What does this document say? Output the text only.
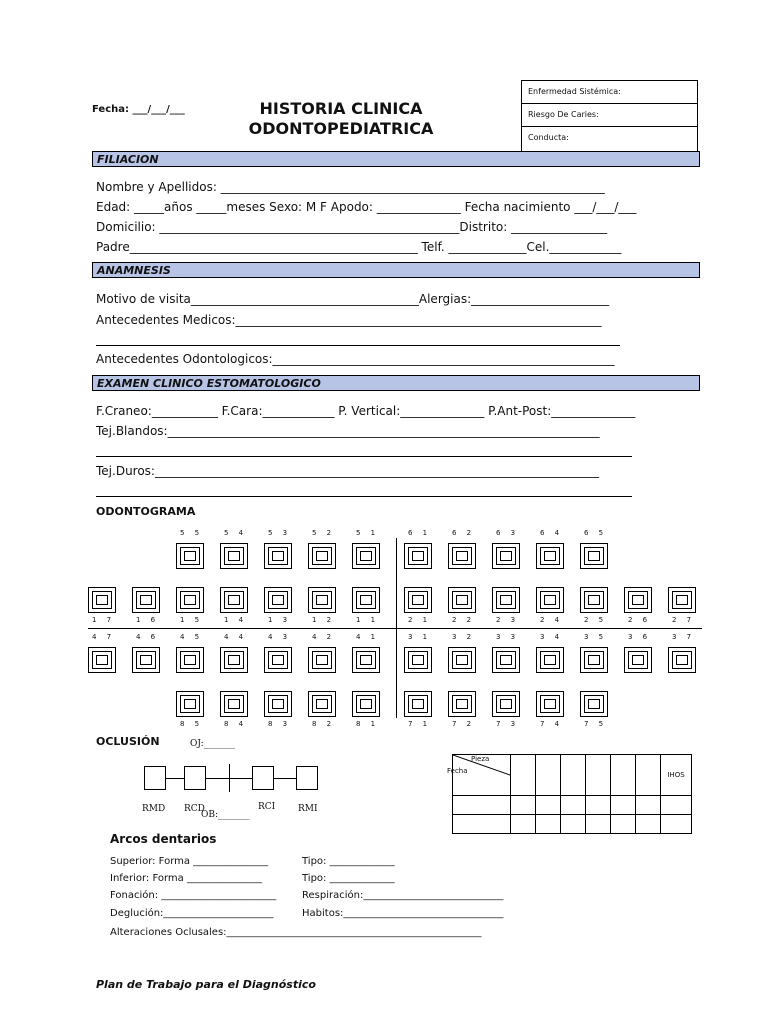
Fecha: ___/___/___	HISTORIA CLINICA
ODONTOPEDIATRICA
Enfermedad Sistémica:
Riesgo De Caries:
Conducta:
FILIACION
Nombre y Apellidos: ________________________________________________________________
Edad: _____años _____meses Sexo: M F Apodo: ______________ Fecha nacimiento ___/___/___
Domicilio: __________________________________________________Distrito: ________________
Padre________________________________________________ Telf. _____________Cel.____________
ANAMNESIS
Motivo de visita______________________________________Alergias:_______________________
Antecedentes Medicos:_____________________________________________________________
Antecedentes Odontologicos:_________________________________________________________
EXAMEN CLINICO ESTOMATOLOGICO
F.Craneo:___________ F.Cara:____________ P. Vertical:______________ P.Ant-Post:______________
Tej.Blandos:________________________________________________________________________
Tej.Duros:__________________________________________________________________________
ODONTOGRAMA
5 5	5 4	5 3	5 2	5 1	6 1	6 2	6 3	6 4	6 5
1 7	1 6	1 5	1 4	1 3	1 2	1 1	2 1	2 2	2 3	2 4	2 5	2 6	2 7
4 7	4 6	4 5	4 4	4 3	4 2	4 1	3 1	3 2	3 3	3 4	3 5	3 6	3 7
8 5	8 4	8 3	8 2	8 1	7 1	7 2	7 3	7 4	7 5
OCLUSIÓN	OJ:_______
RMD RCD
OB:_______
RCI	RMI
Pieza
Fecha							IHOS

Arcos dentarios
Superior: Forma _______________	Tipo: _____________
Inferior: Forma _______________	Tipo: _____________
Fonación: _______________________	Respiración:____________________________
Deglución:______________________	Habitos:________________________________
Alteraciones Oclusales:___________________________________________________
Plan de Trabajo para el Diagnóstico
